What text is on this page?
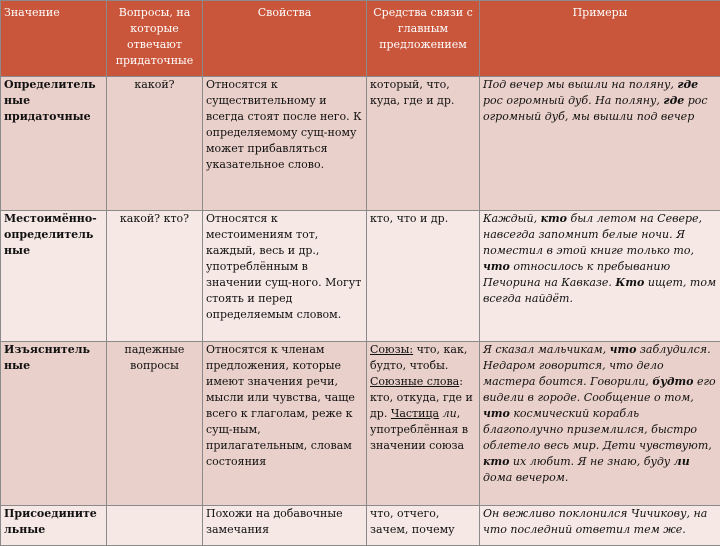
Значение	Вопросы, на которые отвечают придаточные	Свойства	Средства связи с главным предложением	Примеры
Определитель ные придаточные	какой?	Относятся к существительному и всегда стоят после него. К определяемому сущ-ному может прибавляться указательное слово.	который, что, куда, где и др.	Под вечер мы вышли на поляну, где рос огромный дуб. На поляну, где рос огромный дуб, мы вышли под вечер
Местоимённо-определитель ные	какой? кто?	Относятся к местоимениям тот, каждый, весь и др., употреблённым в значении сущ-ного. Могут стоять и перед определяемым словом.	кто, что и др.	Каждый, кто был летом на Севере, навсегда запомнит белые ночи. Я поместил в этой книге только то, что относилось к пребыванию Печорина на Кавказе. Кто ищет, том всегда найдёт.
Изъяснитель ные	падежные вопросы	Относятся к членам предложения, которые имеют значения речи, мысли или чувства, чаще всего к глаголам, реже к сущ-ным, прилагательным, словам состояния	Союзы: что, как, будто, чтобы. Союзные слова: кто, откуда, где и др. Частица ли, употреблённая в значении союза	Я сказал мальчикам, что заблудился. Недаром говорится, что дело мастера боится. Говорили, будто его видели в городе. Сообщение о том, что космический корабль благополучно приземлился, быстро облетело весь мир. Дети чувствуют, кто их любит. Я не знаю, буду ли дома вечером.
Присоедините льные		Похожи на добавочные замечания	что, отчего, зачем, почему	Он вежливо поклонился Чичикову, на что последний ответил тем же.
